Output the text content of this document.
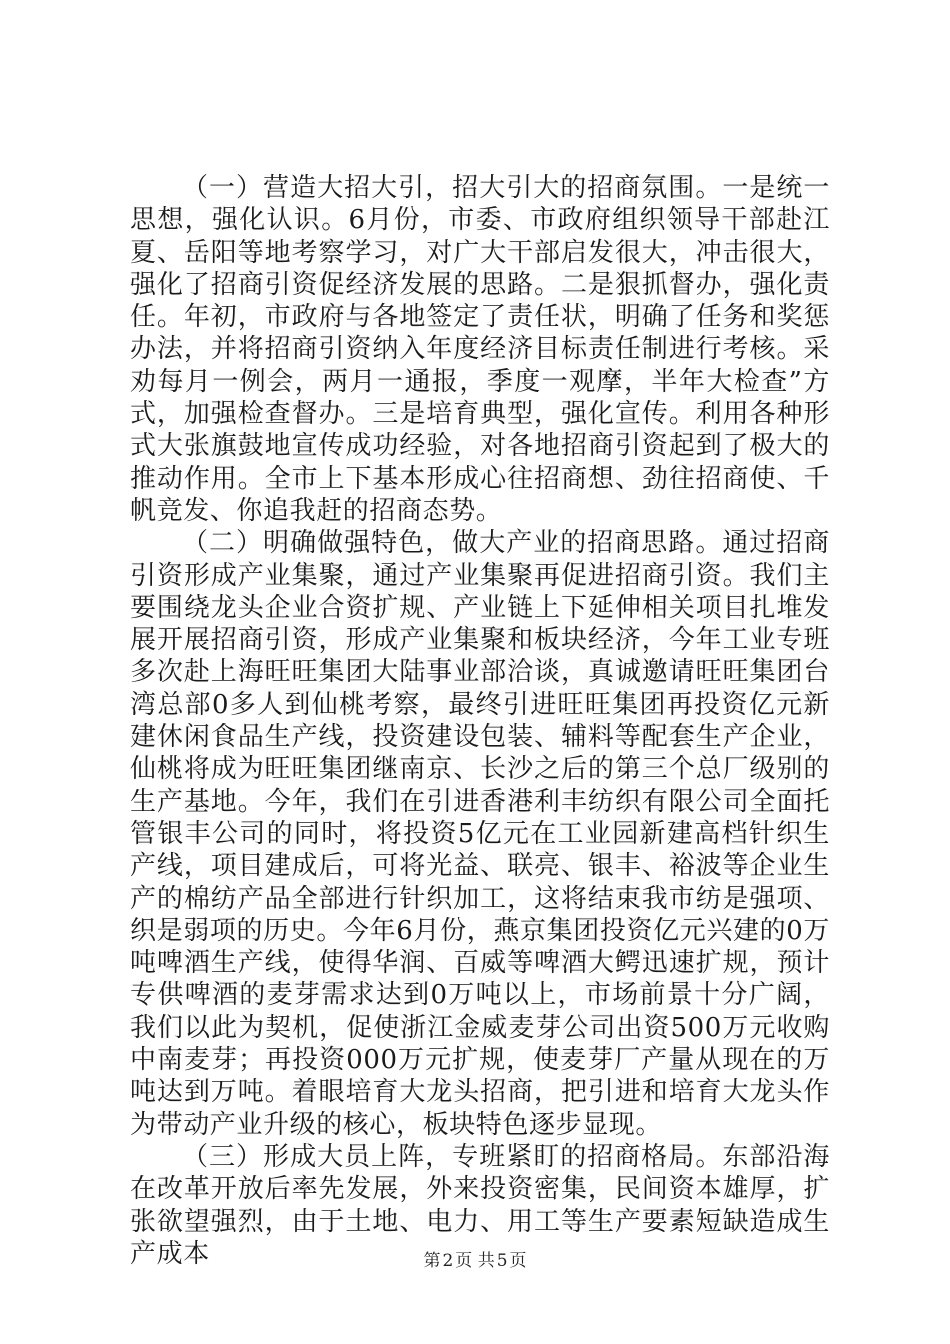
（一）营造大招大引，招大引大的招商氛围。一是统一思想，强化认识。6月份，市委、市政府组织领导干部赴江夏、岳阳等地考察学习，对广大干部启发很大，冲击很大，强化了招商引资促经济发展的思路。二是狠抓督办，强化责任。年初，市政府与各地签定了责任状，明确了任务和奖惩办法，并将招商引资纳入年度经济目标责任制进行考核。采劝每月一例会，两月一通报，季度一观摩，半年大检查”方式，加强检查督办。三是培育典型，强化宣传。利用各种形式大张旗鼓地宣传成功经验，对各地招商引资起到了极大的推动作用。全市上下基本形成心往招商想、劲往招商使、千帆竞发、你追我赶的招商态势。

（二）明确做强特色，做大产业的招商思路。通过招商引资形成产业集聚，通过产业集聚再促进招商引资。我们主要围绕龙头企业合资扩规、产业链上下延伸相关项目扎堆发展开展招商引资，形成产业集聚和板块经济，今年工业专班多次赴上海旺旺集团大陆事业部洽谈，真诚邀请旺旺集团台湾总部0多人到仙桃考察，最终引进旺旺集团再投资亿元新建休闲食品生产线，投资建设包装、辅料等配套生产企业，仙桃将成为旺旺集团继南京、长沙之后的第三个总厂级别的生产基地。今年，我们在引进香港利丰纺织有限公司全面托管银丰公司的同时，将投资5亿元在工业园新建高档针织生产线，项目建成后，可将光益、联亮、银丰、裕波等企业生产的棉纺产品全部进行针织加工，这将结束我市纺是强项、织是弱项的历史。今年6月份，燕京集团投资亿元兴建的0万吨啤酒生产线，使得华润、百威等啤酒大鳄迅速扩规，预计专供啤酒的麦芽需求达到0万吨以上，市场前景十分广阔，我们以此为契机，促使浙江金威麦芽公司出资500万元收购中南麦芽；再投资000万元扩规，使麦芽厂产量从现在的万吨达到万吨。着眼培育大龙头招商，把引进和培育大龙头作为带动产业升级的核心，板块特色逐步显现。

（三）形成大员上阵，专班紧盯的招商格局。东部沿海在改革开放后率先发展，外来投资密集，民间资本雄厚，扩张欲望强烈，由于土地、电力、用工等生产要素短缺造成生产成本	第 2 页 共 5 页
